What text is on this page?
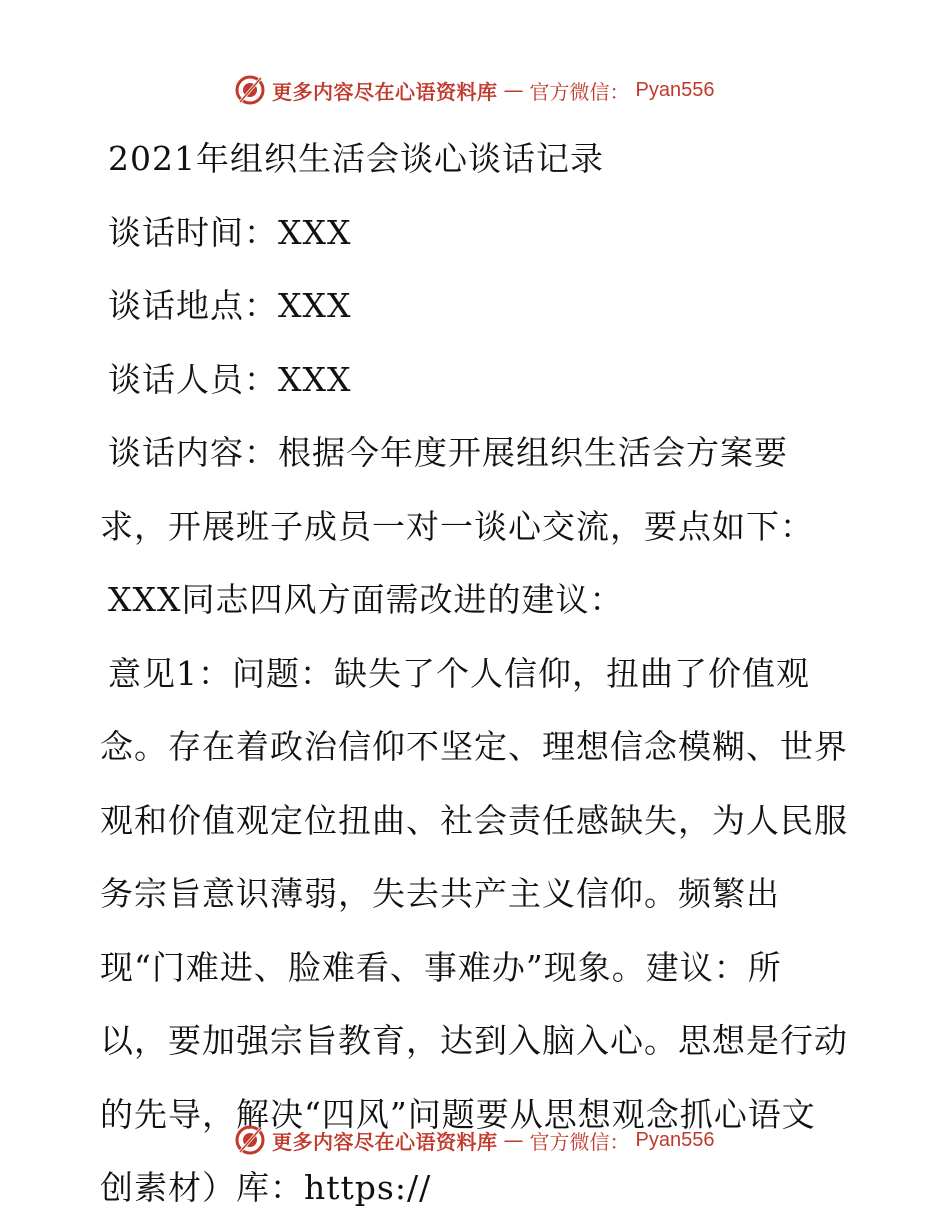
更多内容尽在心语资料库 — 官方微信： Pyan556
2021年组织生活会谈心谈话记录
谈话时间：XXX
谈话地点：XXX
谈话人员：XXX
谈话内容：根据今年度开展组织生活会方案要
求，开展班子成员一对一谈心交流，要点如下：
XXX同志四风方面需改进的建议：
意见1：问题：缺失了个人信仰，扭曲了价值观
念。存在着政治信仰不坚定、理想信念模糊、世界
观和价值观定位扭曲、社会责任感缺失，为人民服
务宗旨意识薄弱，失去共产主义信仰。频繁出
现“门难进、脸难看、事难办”现象。建议：所
以，要加强宗旨教育，达到入脑入心。思想是行动
的先导，解决“四风”问题要从思想观念抓心语文
创素材）库：https://
更多内容尽在心语资料库 — 官方微信： Pyan556
